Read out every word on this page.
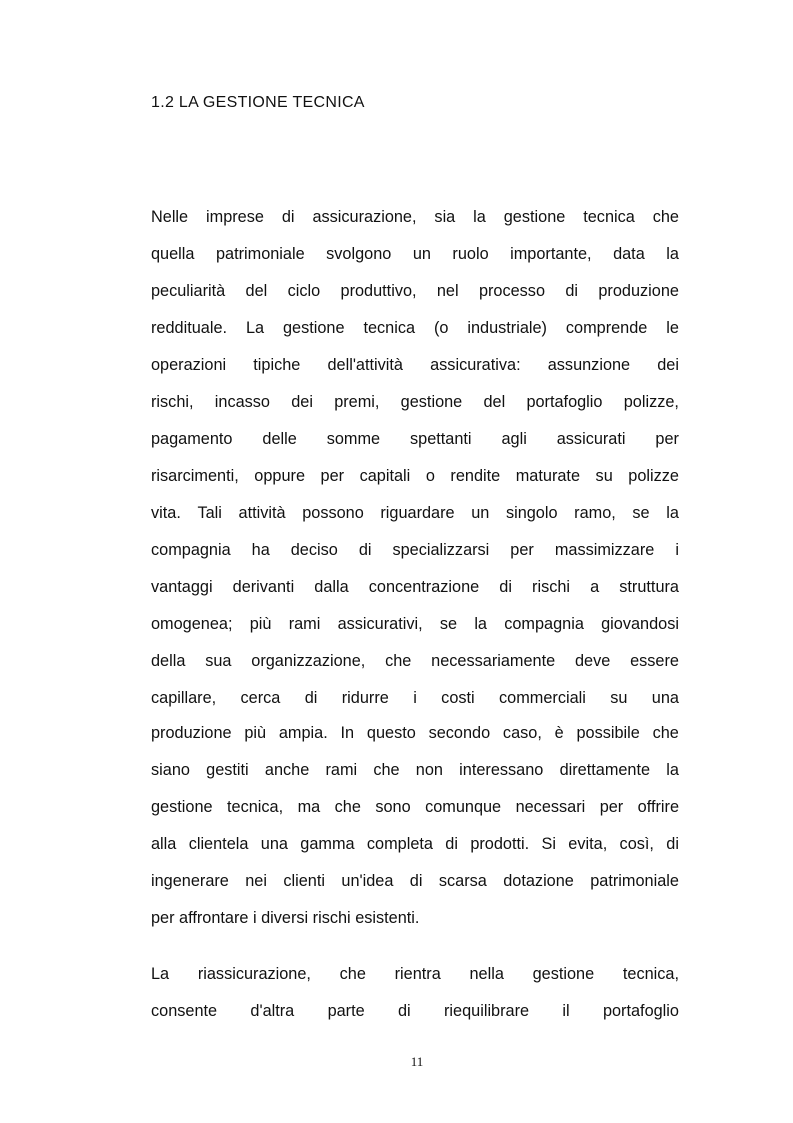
1.2 LA GESTIONE TECNICA

Nelle imprese di assicurazione, sia la gestione tecnica che

quella patrimoniale svolgono un ruolo importante, data la

peculiarità del ciclo produttivo, nel processo di produzione

reddituale. La gestione tecnica (o industriale) comprende le

operazioni tipiche dell'attività assicurativa: assunzione dei

rischi, incasso dei premi, gestione del portafoglio polizze,

pagamento delle somme spettanti agli assicurati per

risarcimenti, oppure per capitali o rendite maturate su polizze

vita. Tali attività possono riguardare un singolo ramo, se la

compagnia ha deciso di specializzarsi per massimizzare i

vantaggi derivanti dalla concentrazione di rischi a struttura

omogenea; più rami assicurativi, se la compagnia giovandosi

della sua organizzazione, che necessariamente deve essere

capillare, cerca di ridurre i costi commerciali su una

produzione più ampia. In questo secondo caso, è possibile che

siano gestiti anche rami che non interessano direttamente la

gestione tecnica, ma che sono comunque necessari per offrire

alla clientela una gamma completa di prodotti. Si evita, così, di

ingenerare nei clienti un'idea di scarsa dotazione patrimoniale

per affrontare i diversi rischi esistenti.

La riassicurazione, che rientra nella gestione tecnica,

consente d'altra parte di riequilibrare il portafoglio

11
